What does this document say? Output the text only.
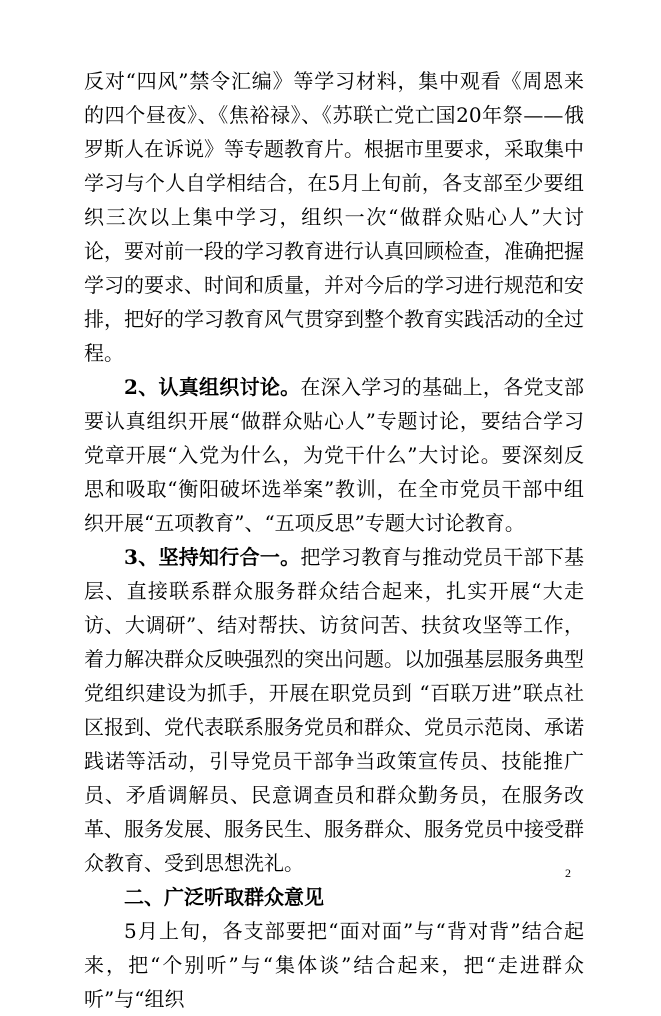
反对“四风”禁令汇编》等学习材料，集中观看《周恩来的四个昼夜》、《焦裕禄》、《苏联亡党亡国20年祭——俄罗斯人在诉说》等专题教育片。根据市里要求，采取集中学习与个人自学相结合，在5月上旬前，各支部至少要组织三次以上集中学习，组织一次“做群众贴心人”大讨论，要对前一段的学习教育进行认真回顾检查，准确把握学习的要求、时间和质量，并对今后的学习进行规范和安排，把好的学习教育风气贯穿到整个教育实践活动的全过程。

2、认真组织讨论。在深入学习的基础上，各党支部要认真组织开展“做群众贴心人”专题讨论，要结合学习党章开展“入党为什么，为党干什么”大讨论。要深刻反思和吸取“衡阳破坏选举案”教训，在全市党员干部中组织开展“五项教育”、“五项反思”专题大讨论教育。

3、坚持知行合一。把学习教育与推动党员干部下基层、直接联系群众服务群众结合起来，扎实开展“大走访、大调研”、结对帮扶、访贫问苦、扶贫攻坚等工作，着力解决群众反映强烈的突出问题。以加强基层服务典型党组织建设为抓手，开展在职党员到 “百联万进”联点社区报到、党代表联系服务党员和群众、党员示范岗、承诺践诺等活动，引导党员干部争当政策宣传员、技能推广员、矛盾调解员、民意调查员和群众勤务员，在服务改革、服务发展、服务民生、服务群众、服务党员中接受群众教育、受到思想洗礼。

二、广泛听取群众意见

5月上旬，各支部要把“面对面”与“背对背”结合起来，把“个别听”与“集体谈”结合起来，把“走进群众听”与“组织

2
